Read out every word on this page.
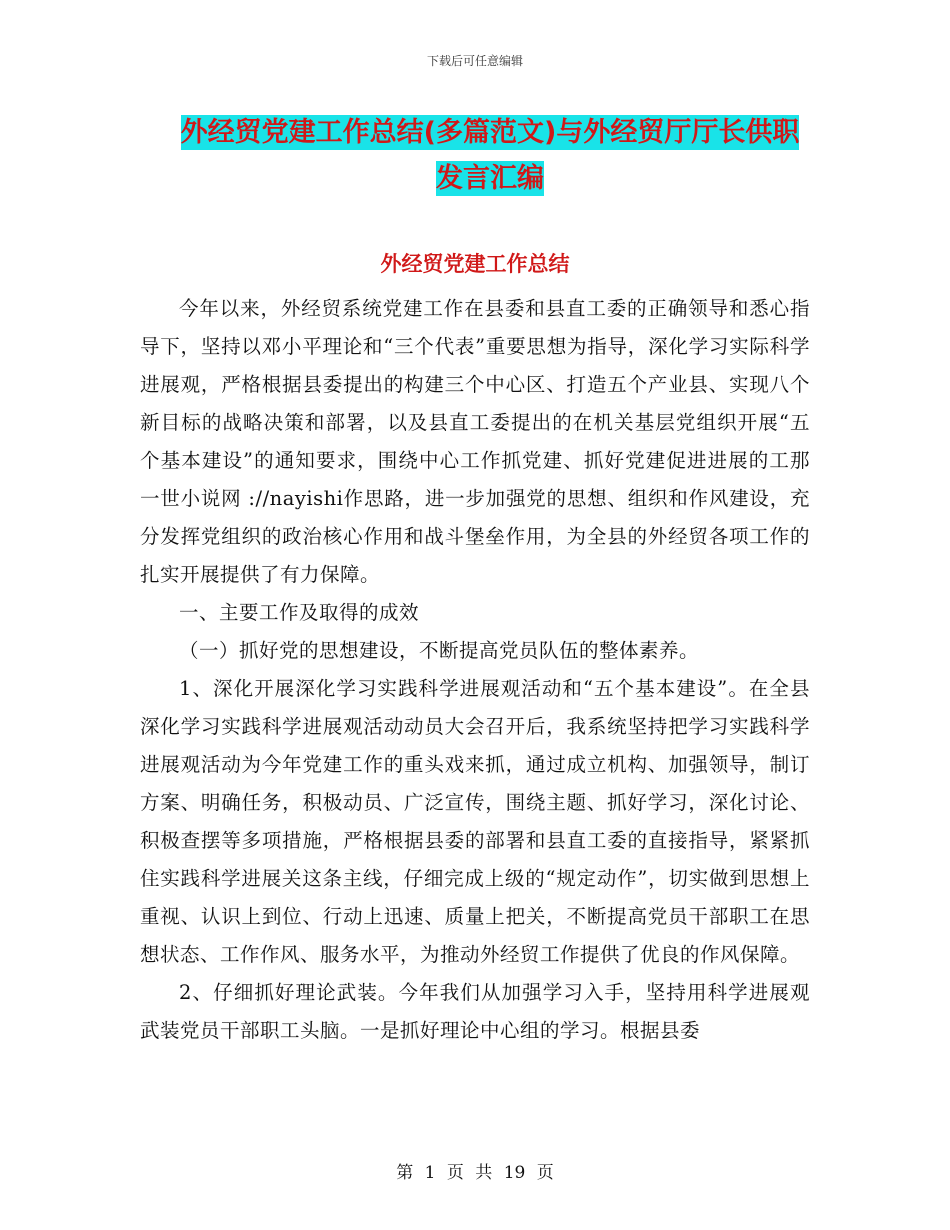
下载后可任意编辑
外经贸党建工作总结(多篇范文)与外经贸厅厅长供职
发言汇编
外经贸党建工作总结

今年以来，外经贸系统党建工作在县委和县直工委的正确领导和悉心指导下，坚持以邓小平理论和“三个代表”重要思想为指导，深化学习实际科学进展观，严格根据县委提出的构建三个中心区、打造五个产业县、实现八个新目标的战略决策和部署，以及县直工委提出的在机关基层党组织开展“五个基本建设”的通知要求，围绕中心工作抓党建、抓好党建促进进展的工那一世小说网 ://nayishi作思路，进一步加强党的思想、组织和作风建设，充分发挥党组织的政治核心作用和战斗堡垒作用，为全县的外经贸各项工作的扎实开展提供了有力保障。

一、主要工作及取得的成效

（一）抓好党的思想建设，不断提高党员队伍的整体素养。

1、深化开展深化学习实践科学进展观活动和“五个基本建设”。在全县深化学习实践科学进展观活动动员大会召开后，我系统坚持把学习实践科学进展观活动为今年党建工作的重头戏来抓，通过成立机构、加强领导，制订方案、明确任务，积极动员、广泛宣传，围绕主题、抓好学习，深化讨论、积极查摆等多项措施，严格根据县委的部署和县直工委的直接指导，紧紧抓住实践科学进展关这条主线，仔细完成上级的“规定动作”，切实做到思想上重视、认识上到位、行动上迅速、质量上把关，不断提高党员干部职工在思想状态、工作作风、服务水平，为推动外经贸工作提供了优良的作风保障。

2、仔细抓好理论武装。今年我们从加强学习入手，坚持用科学进展观武装党员干部职工头脑。一是抓好理论中心组的学习。根据县委

第 1 页 共 19 页
